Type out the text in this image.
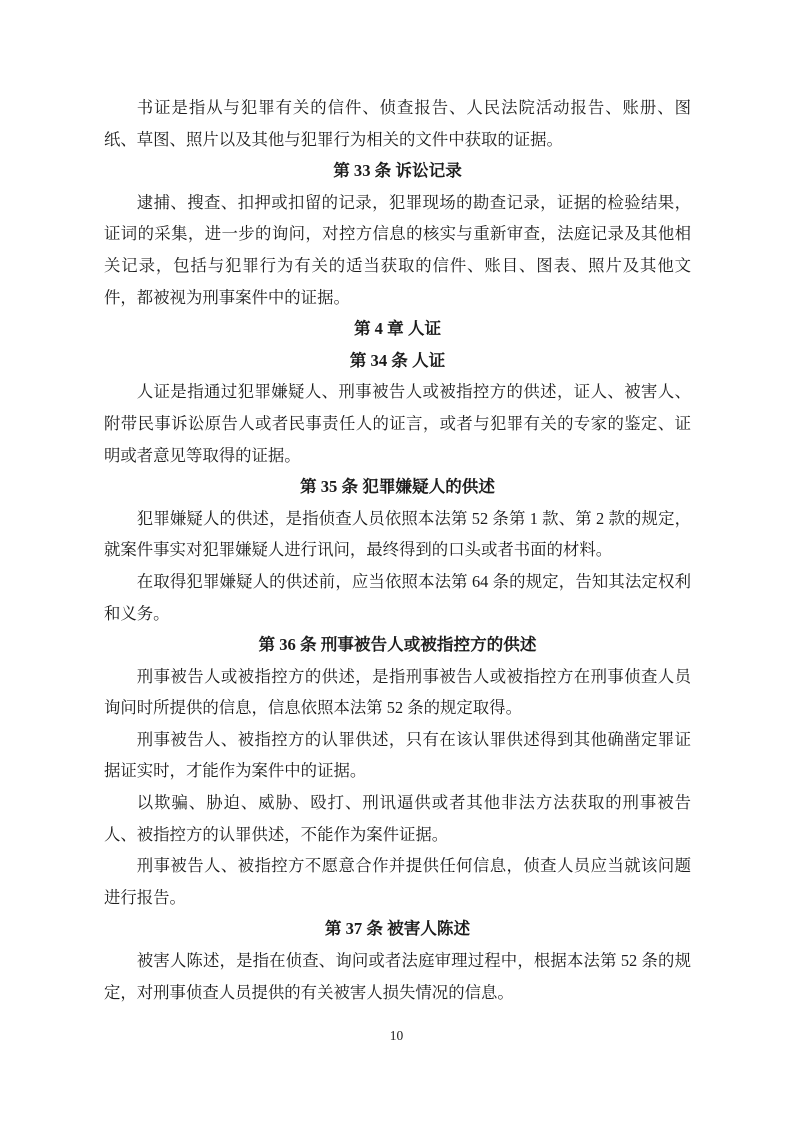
书证是指从与犯罪有关的信件、侦查报告、人民法院活动报告、账册、图纸、草图、照片以及其他与犯罪行为相关的文件中获取的证据。

第 33 条 诉讼记录

逮捕、搜查、扣押或扣留的记录，犯罪现场的勘查记录，证据的检验结果，证词的采集，进一步的询问，对控方信息的核实与重新审查，法庭记录及其他相关记录，包括与犯罪行为有关的适当获取的信件、账目、图表、照片及其他文件，都被视为刑事案件中的证据。

第 4 章 人证
第 34 条 人证

人证是指通过犯罪嫌疑人、刑事被告人或被指控方的供述，证人、被害人、附带民事诉讼原告人或者民事责任人的证言，或者与犯罪有关的专家的鉴定、证明或者意见等取得的证据。

第 35 条 犯罪嫌疑人的供述

犯罪嫌疑人的供述，是指侦查人员依照本法第 52 条第 1 款、第 2 款的规定，就案件事实对犯罪嫌疑人进行讯问，最终得到的口头或者书面的材料。

在取得犯罪嫌疑人的供述前，应当依照本法第 64 条的规定，告知其法定权利和义务。

第 36 条 刑事被告人或被指控方的供述

刑事被告人或被指控方的供述，是指刑事被告人或被指控方在刑事侦查人员询问时所提供的信息，信息依照本法第 52 条的规定取得。

刑事被告人、被指控方的认罪供述，只有在该认罪供述得到其他确凿定罪证据证实时，才能作为案件中的证据。

以欺骗、胁迫、威胁、殴打、刑讯逼供或者其他非法方法获取的刑事被告人、被指控方的认罪供述，不能作为案件证据。

刑事被告人、被指控方不愿意合作并提供任何信息，侦查人员应当就该问题进行报告。

第 37 条 被害人陈述

被害人陈述，是指在侦查、询问或者法庭审理过程中，根据本法第 52 条的规定，对刑事侦查人员提供的有关被害人损失情况的信息。

10
